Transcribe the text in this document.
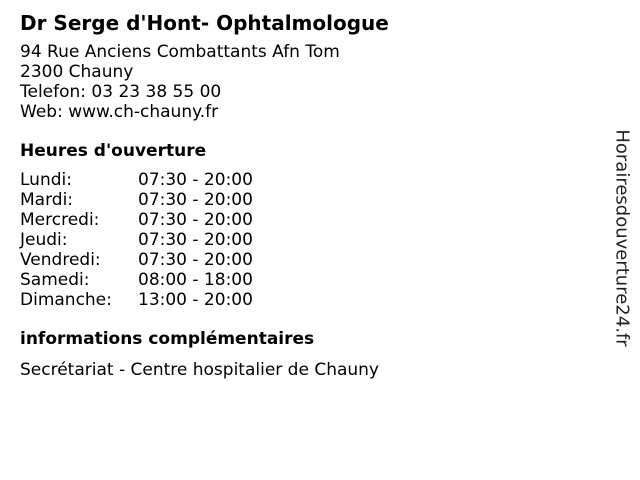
Dr Serge d'Hont- Ophtalmologue
94 Rue Anciens Combattants Afn Tom
2300 Chauny
Telefon: 03 23 38 55 00
Web: www.ch-chauny.fr
Heures d'ouverture
Lundi:	07:30 - 20:00
Mardi:	07:30 - 20:00
Mercredi:	07:30 - 20:00
Jeudi:	07:30 - 20:00
Vendredi:	07:30 - 20:00
Samedi:	08:00 - 18:00
Dimanche:	13:00 - 20:00
informations complémentaires
Secrétariat - Centre hospitalier de Chauny
Horairesdouverture24.fr
